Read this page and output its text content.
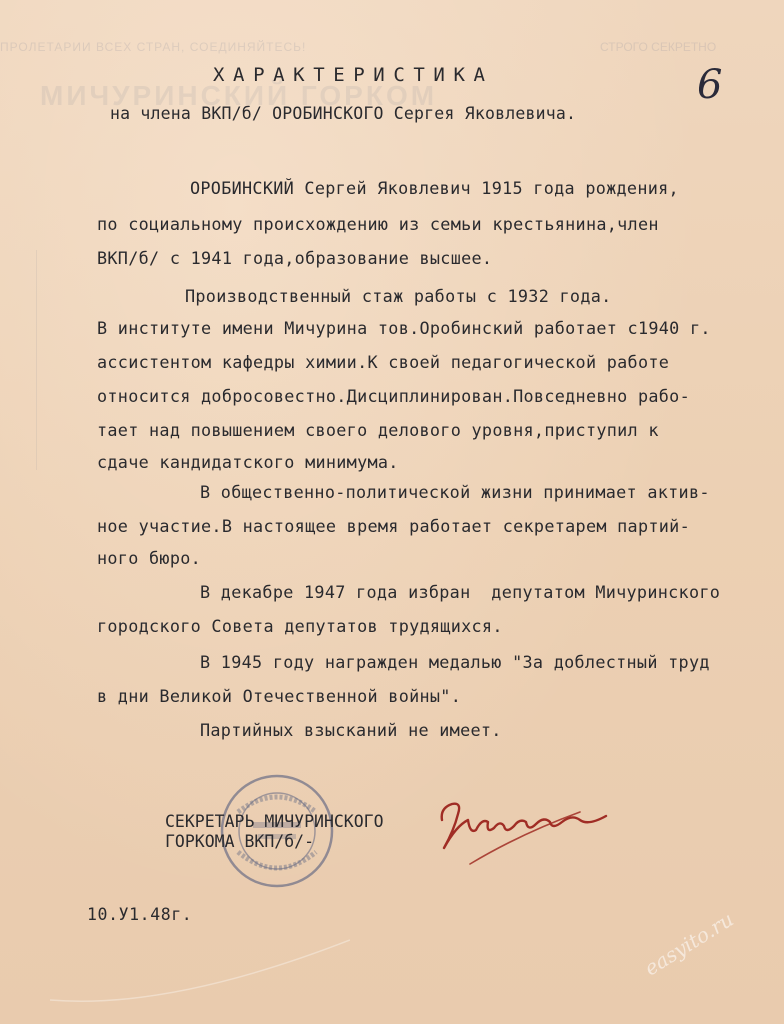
ПРОЛЕТАРИИ ВСЕХ СТРАН, СОЕДИНЯЙТЕСЬ!	СТРОГО СЕКРЕТНО
МИЧУРИНСКИЙ ГОРКОМ	6
ХАРАКТЕРИСТИКА
на члена ВКП/б/ ОРОБИНСКОГО Сергея Яковлевича.
ОРОБИНСКИЙ Сергей Яковлевич 1915 года рождения,
по социальному происхождению из семьи крестьянина,член
ВКП/б/ с 1941 года,образование высшее.
Производственный стаж работы с 1932 года.
В институте имени Мичурина тов.Оробинский работает с1940 г.
ассистентом кафедры химии.К своей педагогической работе
относится добросовестно.Дисциплинирован.Повседневно рабо-
тает над повышением своего делового уровня,приступил к
сдаче кандидатского минимума.
В общественно-политической жизни принимает актив-
ное участие.В настоящее время работает секретарем партий-
ного бюро.
В декабре 1947 года избран  депутатом Мичуринского
городского Совета депутатов трудящихся.
В 1945 году награжден медалью "За доблестный труд
в дни Великой Отечественной войны".
Партийных взысканий не имеет.
СЕКРЕТАРЬ МИЧУРИНСКОГО
ГОРКОМА ВКП/б/-
10.У1.48г.	easyito.ru
